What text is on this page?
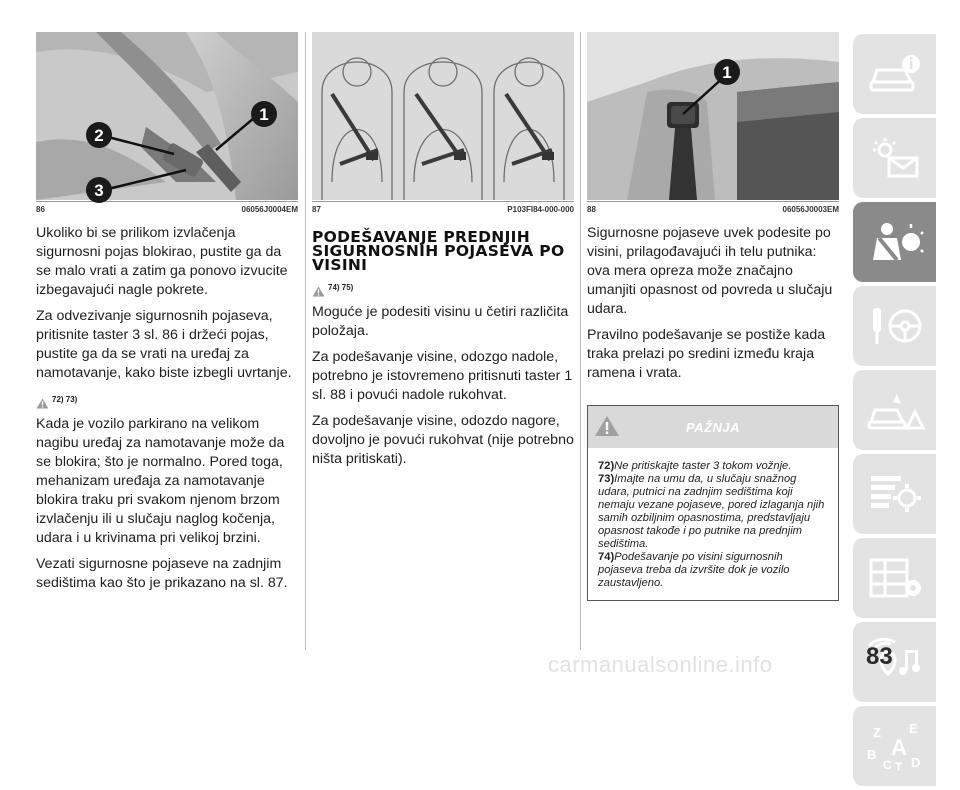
2
1
3
86	06056J0004EM

Ukoliko bi se prilikom izvlačenja sigurnosni pojas blokirao, pustite ga da se malo vrati a zatim ga ponovo izvucite izbegavajući nagle pokrete.

Za odvezivanje sigurnosnih pojaseva, pritisnite taster 3 sl. 86 i držeći pojas, pustite ga da se vrati na uređaj za namotavanje, kako biste izbegli uvrtanje.

72) 73)

Kada je vozilo parkirano na velikom nagibu uređaj za namotavanje može da se blokira; što je normalno. Pored toga, mehanizam uređaja za namotavanje blokira traku pri svakom njenom brzom izvlačenju ili u slučaju naglog kočenja, udara i u krivinama pri velikoj brzini.

Vezati sigurnosne pojaseve na zadnjim sedištima kao što je prikazano na sl. 87.

87	P103FI84-000-000
PODEŠAVANJE PREDNJIH SIGURNOSNIH POJASEVA PO VISINI
74) 75)

Moguće je podesiti visinu u četiri različita položaja.

Za podešavanje visine, odozgo nadole, potrebno je istovremeno pritisnuti taster 1 sl. 88 i povući nadole rukohvat.

Za podešavanje visine, odozdo nagore, dovoljno je povući rukohvat (nije potrebno ništa pritiskati).

1
88	06056J0003EM

Sigurnosne pojaseve uvek podesite po visini, prilagođavajući ih telu putnika: ova mera opreza može značajno umanjiti opasnost od povreda u slučaju udara.

Pravilno podešavanje se postiže kada traka prelazi po sredini između kraja ramena i vrata.

PAŽNJA

72)Ne pritiskajte taster 3 tokom vožnje.

73)Imajte na umu da, u slučaju snažnog udara, putnici na zadnjim sedištima koji nemaju vezane pojaseve, pored izlaganja njih samih ozbiljnim opasnostima, predstavljaju opasnost takođe i po putnike na prednjim sedištima.

74)Podešavanje po visini sigurnosnih pojaseva treba da izvršite dok je vozilo zaustavljeno.

Z E
B A
C T D
carmanualsonline.info	83
